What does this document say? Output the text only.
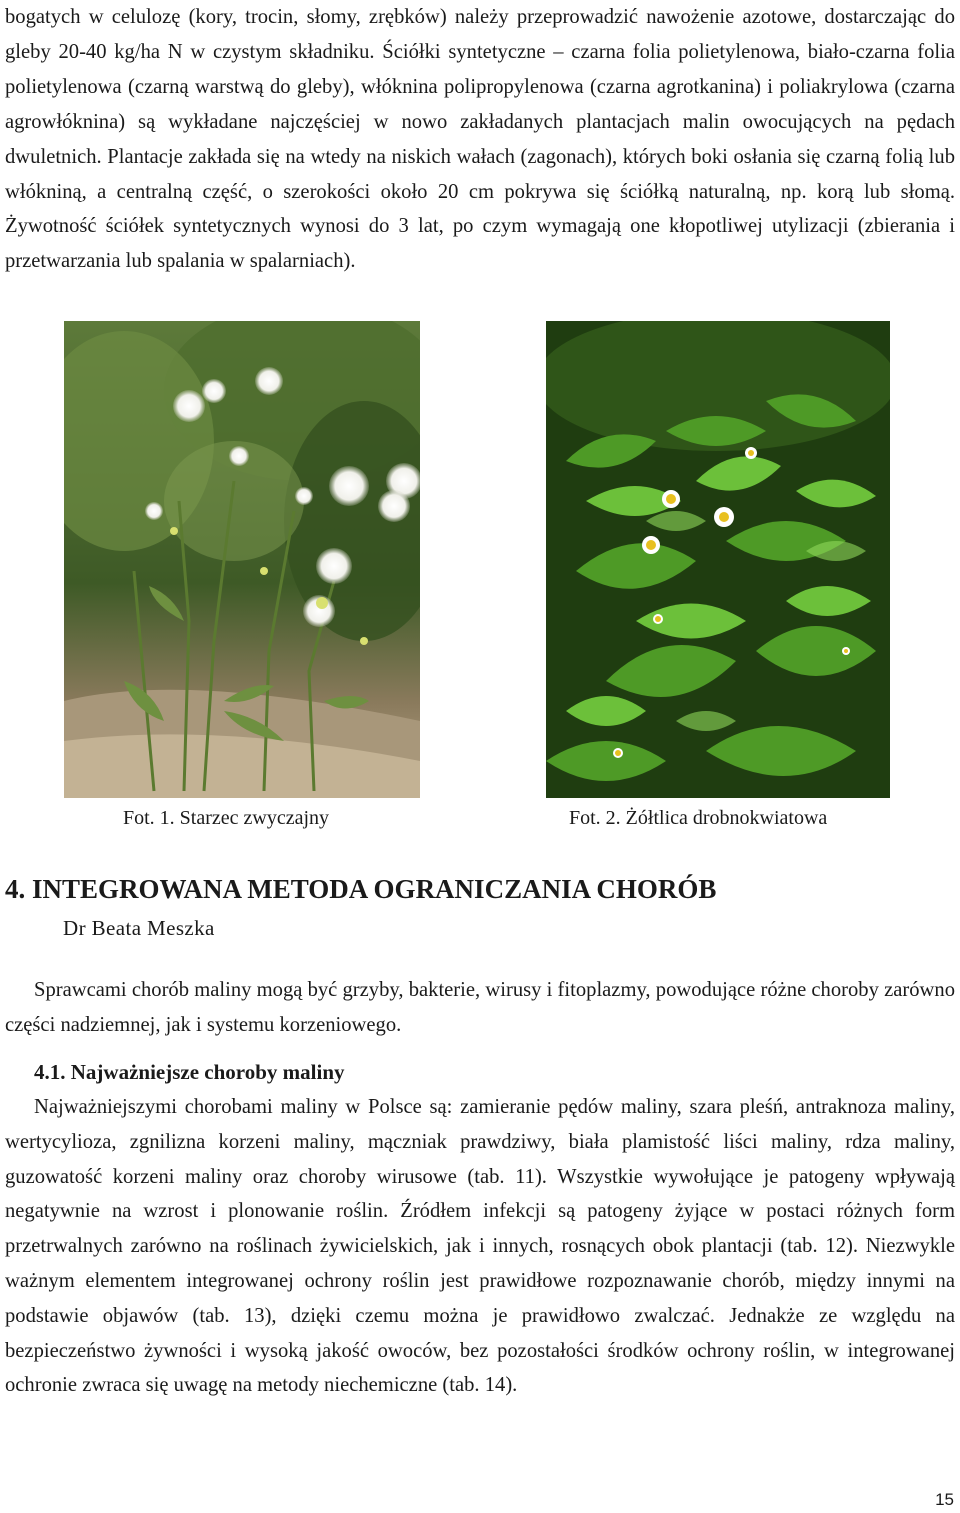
bogatych w celulozę (kory, trocin, słomy, zrębków) należy przeprowadzić nawożenie azotowe, dostarczając do gleby 20-40 kg/ha N w czystym składniku. Ściółki syntetyczne – czarna folia polietylenowa, biało-czarna folia polietylenowa (czarną warstwą do gleby), włóknina polipropylenowa (czarna agrotkanina) i poliakrylowa (czarna agrowłóknina) są wykładane najczęściej w nowo zakładanych plantacjach malin owocujących na pędach dwuletnich. Plantacje zakłada się na wtedy na niskich wałach (zagonach), których boki osłania się czarną folią lub włókniną, a centralną część, o szerokości około 20 cm pokrywa się ściółką naturalną, np. korą lub słomą. Żywotność ściółek syntetycznych wynosi do 3 lat, po czym wymagają one kłopotliwej utylizacji (zbierania i przetwarzania lub spalania w spalarniach).

Fot. 1. Starzec zwyczajny	Fot. 2. Żółtlica drobnokwiatowa

4. INTEGROWANA METODA OGRANICZANIA CHORÓB

Dr Beata Meszka

Sprawcami chorób maliny mogą być grzyby, bakterie, wirusy i fitoplazmy, powodujące różne choroby zarówno części nadziemnej, jak i systemu korzeniowego.

4.1. Najważniejsze choroby maliny

Najważniejszymi chorobami maliny w Polsce są: zamieranie pędów maliny, szara pleśń, antraknoza maliny, wertycylioza, zgnilizna korzeni maliny, mączniak prawdziwy, biała plamistość liści maliny, rdza maliny, guzowatość korzeni maliny oraz choroby wirusowe (tab. 11). Wszystkie wywołujące je patogeny wpływają negatywnie na wzrost i plonowanie roślin. Źródłem infekcji są patogeny żyjące w postaci różnych form przetrwalnych zarówno na roślinach żywicielskich, jak i innych, rosnących obok plantacji (tab. 12). Niezwykle ważnym elementem integrowanej ochrony roślin jest prawidłowe rozpoznawanie chorób, między innymi na podstawie objawów (tab. 13), dzięki czemu można je prawidłowo zwalczać. Jednakże ze względu na bezpieczeństwo żywności i wysoką jakość owoców, bez pozostałości środków ochrony roślin, w integrowanej ochronie zwraca się uwagę na metody niechemiczne (tab. 14).

15
